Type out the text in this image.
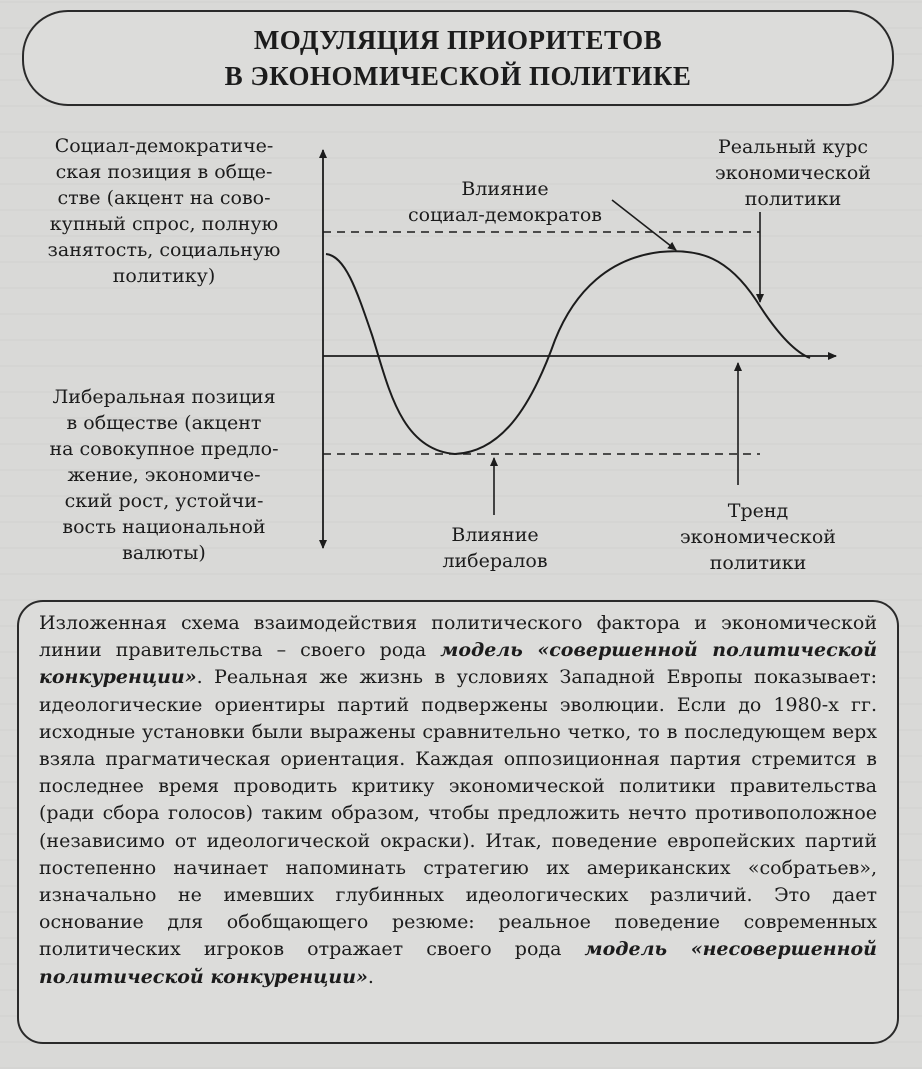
МОДУЛЯЦИЯ ПРИОРИТЕТОВ
В ЭКОНОМИЧЕСКОЙ ПОЛИТИКЕ
Социал-демократиче-
ская позиция в обще-
стве (акцент на сово-
купный спрос, полную
занятость, социальную
политику)
Либеральная позиция
в обществе (акцент
на совокупное предло-
жение, экономиче-
ский рост, устойчи-
вость национальной
валюты)
Влияние
социал-демократов
Реальный курс
экономической
политики
Влияние
либералов
Тренд
экономической
политики

Изложенная схема взаимодействия политического фактора и экономической линии правительства – своего рода модель «совершенной политической конкуренции». Реальная же жизнь в условиях Западной Европы показывает: идеологические ориентиры партий подвержены эволюции. Если до 1980-х гг. исходные установки были выражены сравнительно четко, то в последующем верх взяла прагматическая ориентация. Каждая оппозиционная партия стремится в последнее время проводить критику экономической политики правительства (ради сбора голосов) таким образом, чтобы предложить нечто противоположное (независимо от идеологической окраски). Итак, поведение европейских партий постепенно начинает напоминать стратегию их американских «собратьев», изначально не имевших глубинных идеологических различий. Это дает основание для обобщающего резюме: реальное поведение современных политических игроков отражает своего рода модель «несовершенной политической конкуренции».
